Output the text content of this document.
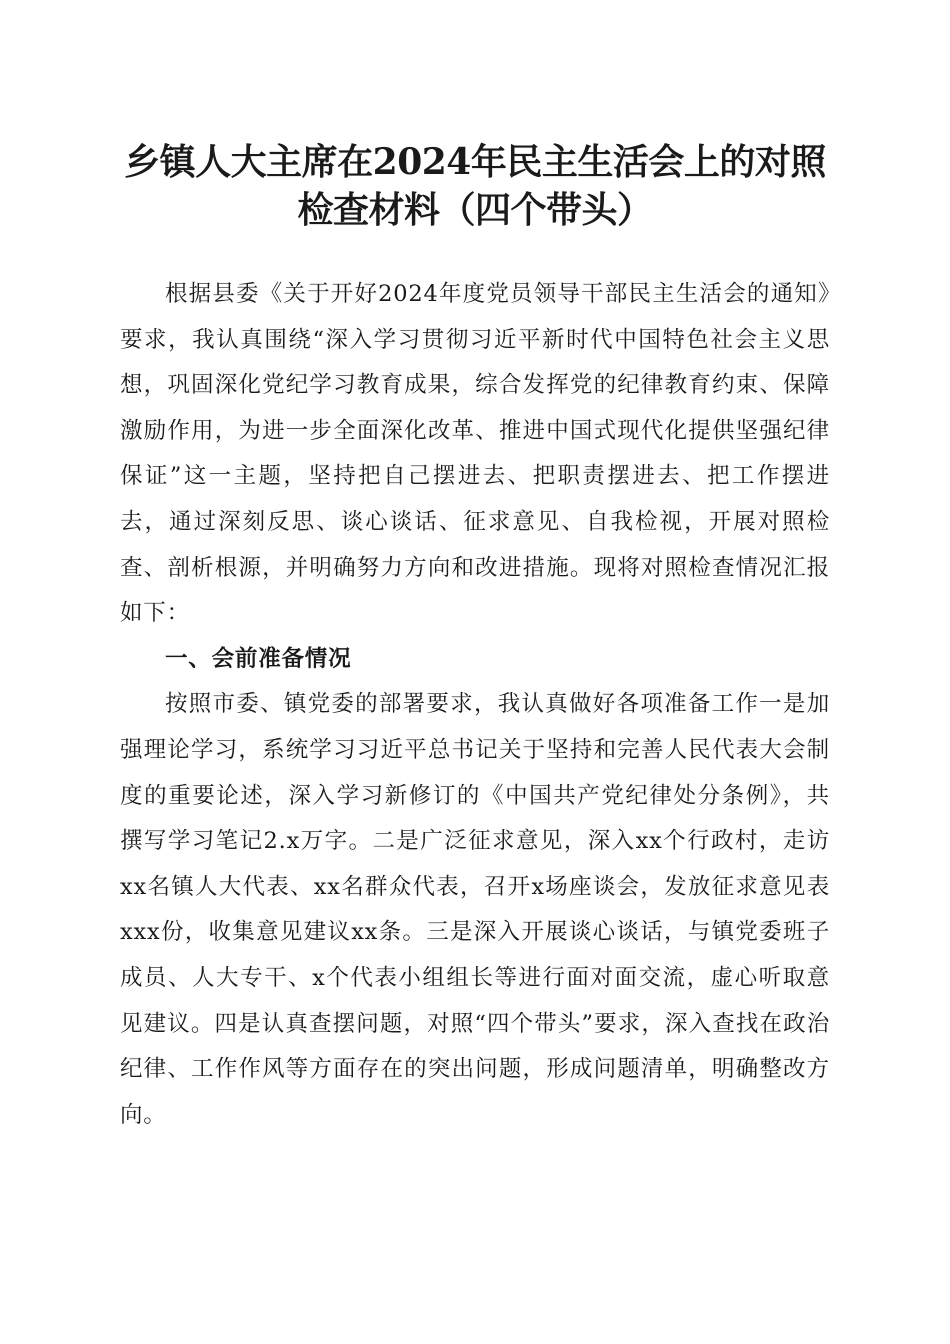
乡镇人大主席在2024年民主生活会上的对照
检查材料（四个带头）

根据县委《关于开好2024年度党员领导干部民主生活会的通知》要求，我认真围绕“深入学习贯彻习近平新时代中国特色社会主义思想，巩固深化党纪学习教育成果，综合发挥党的纪律教育约束、保障激励作用，为进一步全面深化改革、推进中国式现代化提供坚强纪律保证”这一主题，坚持把自己摆进去、把职责摆进去、把工作摆进去，通过深刻反思、谈心谈话、征求意见、自我检视，开展对照检查、剖析根源，并明确努力方向和改进措施。现将对照检查情况汇报如下：

一、会前准备情况

按照市委、镇党委的部署要求，我认真做好各项准备工作一是加强理论学习，系统学习习近平总书记关于坚持和完善人民代表大会制度的重要论述，深入学习新修订的《中国共产党纪律处分条例》，共撰写学习笔记2.x万字。二是广泛征求意见，深入xx个行政村，走访xx名镇人大代表、xx名群众代表，召开x场座谈会，发放征求意见表xxx份，收集意见建议xx条。三是深入开展谈心谈话，与镇党委班子成员、人大专干、x个代表小组组长等进行面对面交流，虚心听取意见建议。四是认真查摆问题，对照“四个带头”要求，深入查找在政治纪律、工作作风等方面存在的突出问题，形成问题清单，明确整改方向。
